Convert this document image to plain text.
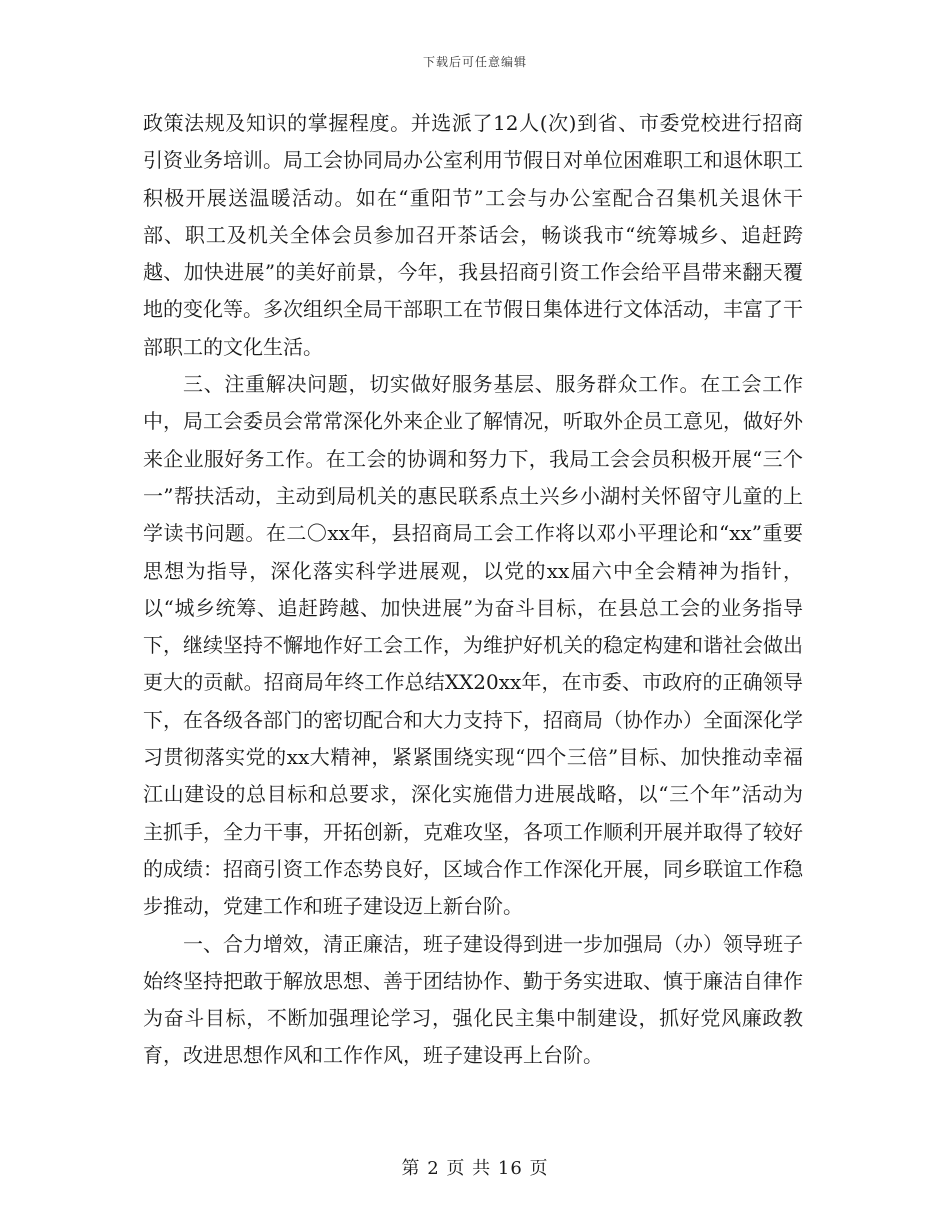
下载后可任意编辑

政策法规及知识的掌握程度。并选派了12人(次)到省、市委党校进行招商引资业务培训。局工会协同局办公室利用节假日对单位困难职工和退休职工积极开展送温暖活动。如在“重阳节”工会与办公室配合召集机关退休干部、职工及机关全体会员参加召开茶话会，畅谈我市“统筹城乡、追赶跨越、加快进展”的美好前景，今年，我县招商引资工作会给平昌带来翻天覆地的变化等。多次组织全局干部职工在节假日集体进行文体活动，丰富了干部职工的文化生活。

三、注重解决问题，切实做好服务基层、服务群众工作。在工会工作中，局工会委员会常常深化外来企业了解情况，听取外企员工意见，做好外来企业服好务工作。在工会的协调和努力下，我局工会会员积极开展“三个一”帮扶活动，主动到局机关的惠民联系点土兴乡小湖村关怀留守儿童的上学读书问题。在二〇xx年，县招商局工会工作将以邓小平理论和“xx”重要思想为指导，深化落实科学进展观，以党的xx届六中全会精神为指针，以“城乡统筹、追赶跨越、加快进展”为奋斗目标，在县总工会的业务指导下，继续坚持不懈地作好工会工作，为维护好机关的稳定构建和谐社会做出更大的贡献。招商局年终工作总结XX20xx年，在市委、市政府的正确领导下，在各级各部门的密切配合和大力支持下，招商局（协作办）全面深化学习贯彻落实党的xx大精神，紧紧围绕实现“四个三倍”目标、加快推动幸福江山建设的总目标和总要求，深化实施借力进展战略，以“三个年”活动为主抓手，全力干事，开拓创新，克难攻坚，各项工作顺利开展并取得了较好的成绩：招商引资工作态势良好，区域合作工作深化开展，同乡联谊工作稳步推动，党建工作和班子建设迈上新台阶。

一、合力增效，清正廉洁，班子建设得到进一步加强局（办）领导班子始终坚持把敢于解放思想、善于团结协作、勤于务实进取、慎于廉洁自律作为奋斗目标，不断加强理论学习，强化民主集中制建设，抓好党风廉政教育，改进思想作风和工作作风，班子建设再上台阶。

第 2 页 共 16 页
